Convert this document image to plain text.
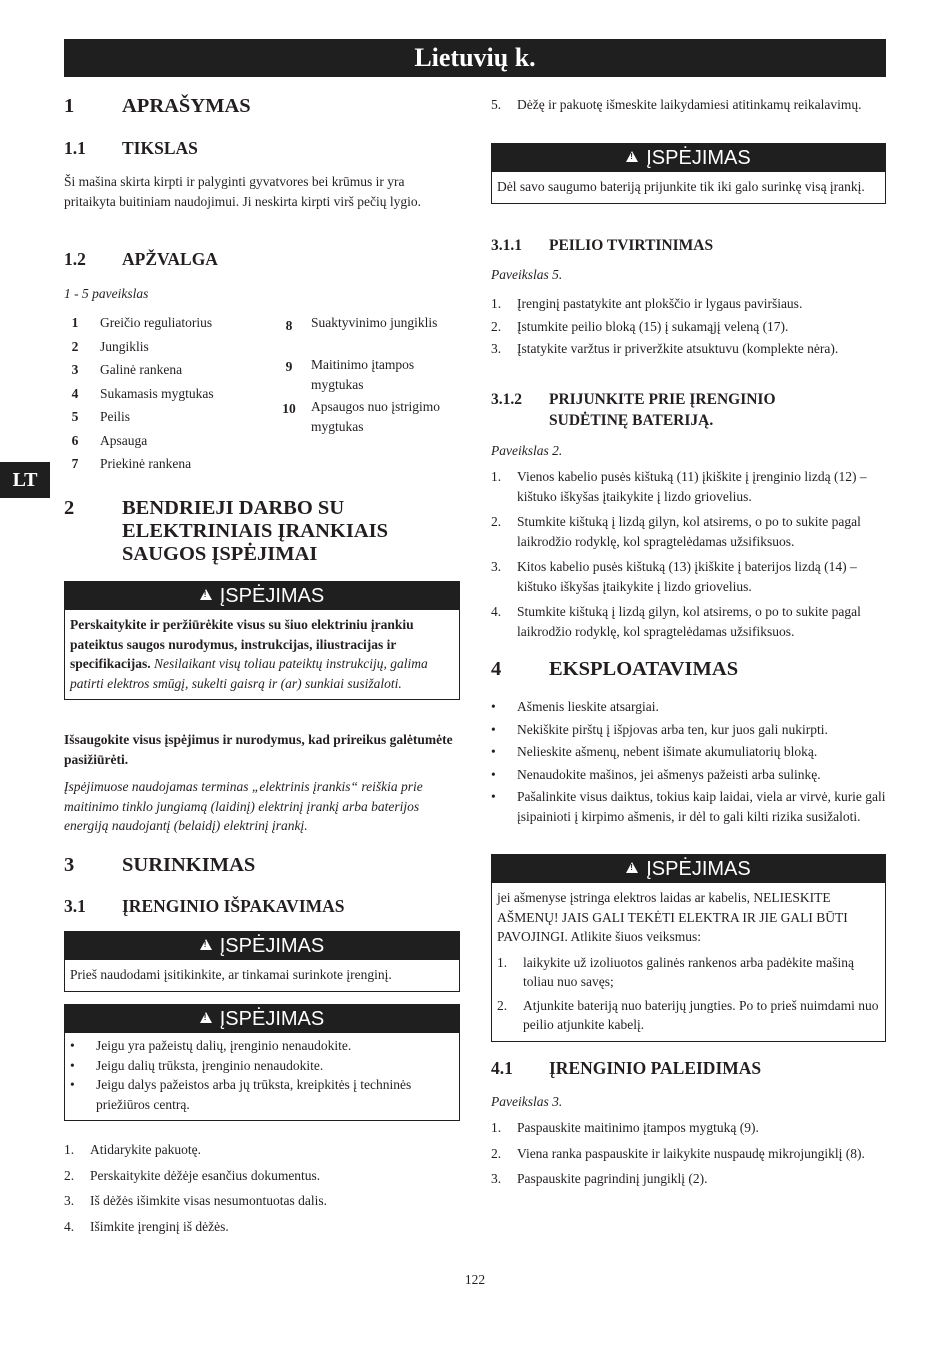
Lietuvių k.
LT
1 APRAŠYMAS
1.1 TIKSLAS
Ši mašina skirta kirpti ir palyginti gyvatvores bei krūmus ir yra pritaikyta buitiniam naudojimui. Ji neskirta kirpti virš pečių lygio.
1.2 APŽVALGA
1 - 5 paveikslas
1	Greičio reguliatorius
2	Jungiklis
3	Galinė rankena
4	Sukamasis mygtukas
5	Peilis
6	Apsauga
7	Priekinė rankena
8	Suaktyvinimo jungiklis
9	Maitinimo įtampos mygtukas
10	Apsaugos nuo įstrigimo mygtukas
2 BENDRIEJI DARBO SU ELEKTRINIAIS ĮRANKIAIS SAUGOS ĮSPĖJIMAI
!ĮSPĖJIMAS
Perskaitykite ir peržiūrėkite visus su šiuo elektriniu įrankiu pateiktus saugos nurodymus, instrukcijas, iliustracijas ir specifikacijas. Nesilaikant visų toliau pateiktų instrukcijų, galima patirti elektros smūgį, sukelti gaisrą ir (ar) sunkiai susižaloti.
Išsaugokite visus įspėjimus ir nurodymus, kad prireikus galėtumėte pasižiūrėti.
Įspėjimuose naudojamas terminas „elektrinis įrankis“ reiškia prie maitinimo tinklo jungiamą (laidinį) elektrinį įrankį arba baterijos energiją naudojantį (belaidį) elektrinį įrankį.
3 SURINKIMAS
3.1 ĮRENGINIO IŠPAKAVIMAS
!ĮSPĖJIMAS
Prieš naudodami įsitikinkite, ar tinkamai surinkote įrenginį.
!ĮSPĖJIMAS
• Jeigu yra pažeistų dalių, įrenginio nenaudokite.
• Jeigu dalių trūksta, įrenginio nenaudokite.
• Jeigu dalys pažeistos arba jų trūksta, kreipkitės į techninės priežiūros centrą.
1. Atidarykite pakuotę.
2. Perskaitykite dėžėje esančius dokumentus.
3. Iš dėžės išimkite visas nesumontuotas dalis.
4. Išimkite įrenginį iš dėžės.
5. Dėžę ir pakuotę išmeskite laikydamiesi atitinkamų reikalavimų.
!ĮSPĖJIMAS
Dėl savo saugumo bateriją prijunkite tik iki galo surinkę visą įrankį.
3.1.1 PEILIO TVIRTINIMAS
Paveikslas 5.
1. Įrenginį pastatykite ant plokščio ir lygaus paviršiaus.
2. Įstumkite peilio bloką (15) į sukamąjį veleną (17).
3. Įstatykite varžtus ir priveržkite atsuktuvu (komplekte nėra).
3.1.2 PRIJUNKITE PRIE ĮRENGINIO SUDĖTINĘ BATERIJĄ.
Paveikslas 2.
1. Vienos kabelio pusės kištuką (11) įkiškite į įrenginio lizdą (12) – kištuko iškyšas įtaikykite į lizdo griovelius.
2. Stumkite kištuką į lizdą gilyn, kol atsirems, o po to sukite pagal laikrodžio rodyklę, kol spragtelėdamas užsifiksuos.
3. Kitos kabelio pusės kištuką (13) įkiškite į baterijos lizdą (14) – kištuko iškyšas įtaikykite į lizdo griovelius.
4. Stumkite kištuką į lizdą gilyn, kol atsirems, o po to sukite pagal laikrodžio rodyklę, kol spragtelėdamas užsifiksuos.
4 EKSPLOATAVIMAS
• Ašmenis lieskite atsargiai.
• Nekiškite pirštų į išpjovas arba ten, kur juos gali nukirpti.
• Nelieskite ašmenų, nebent išimate akumuliatorių bloką.
• Nenaudokite mašinos, jei ašmenys pažeisti arba sulinkę.
• Pašalinkite visus daiktus, tokius kaip laidai, viela ar virvė, kurie gali įsipainioti į kirpimo ašmenis, ir dėl to gali kilti rizika susižaloti.
!ĮSPĖJIMAS
jei ašmenyse įstringa elektros laidas ar kabelis, NELIESKITE AŠMENŲ! JAIS GALI TEKĖTI ELEKTRA IR JIE GALI BŪTI PAVOJINGI. Atlikite šiuos veiksmus:
1. laikykite už izoliuotos galinės rankenos arba padėkite mašiną toliau nuo savęs;
2. Atjunkite bateriją nuo baterijų jungties. Po to prieš nuimdami nuo peilio atjunkite kabelį.
4.1 ĮRENGINIO PALEIDIMAS
Paveikslas 3.
1. Paspauskite maitinimo įtampos mygtuką (9).
2. Viena ranka paspauskite ir laikykite nuspaudę mikrojungiklį (8).
3. Paspauskite pagrindinį jungiklį (2).
122
